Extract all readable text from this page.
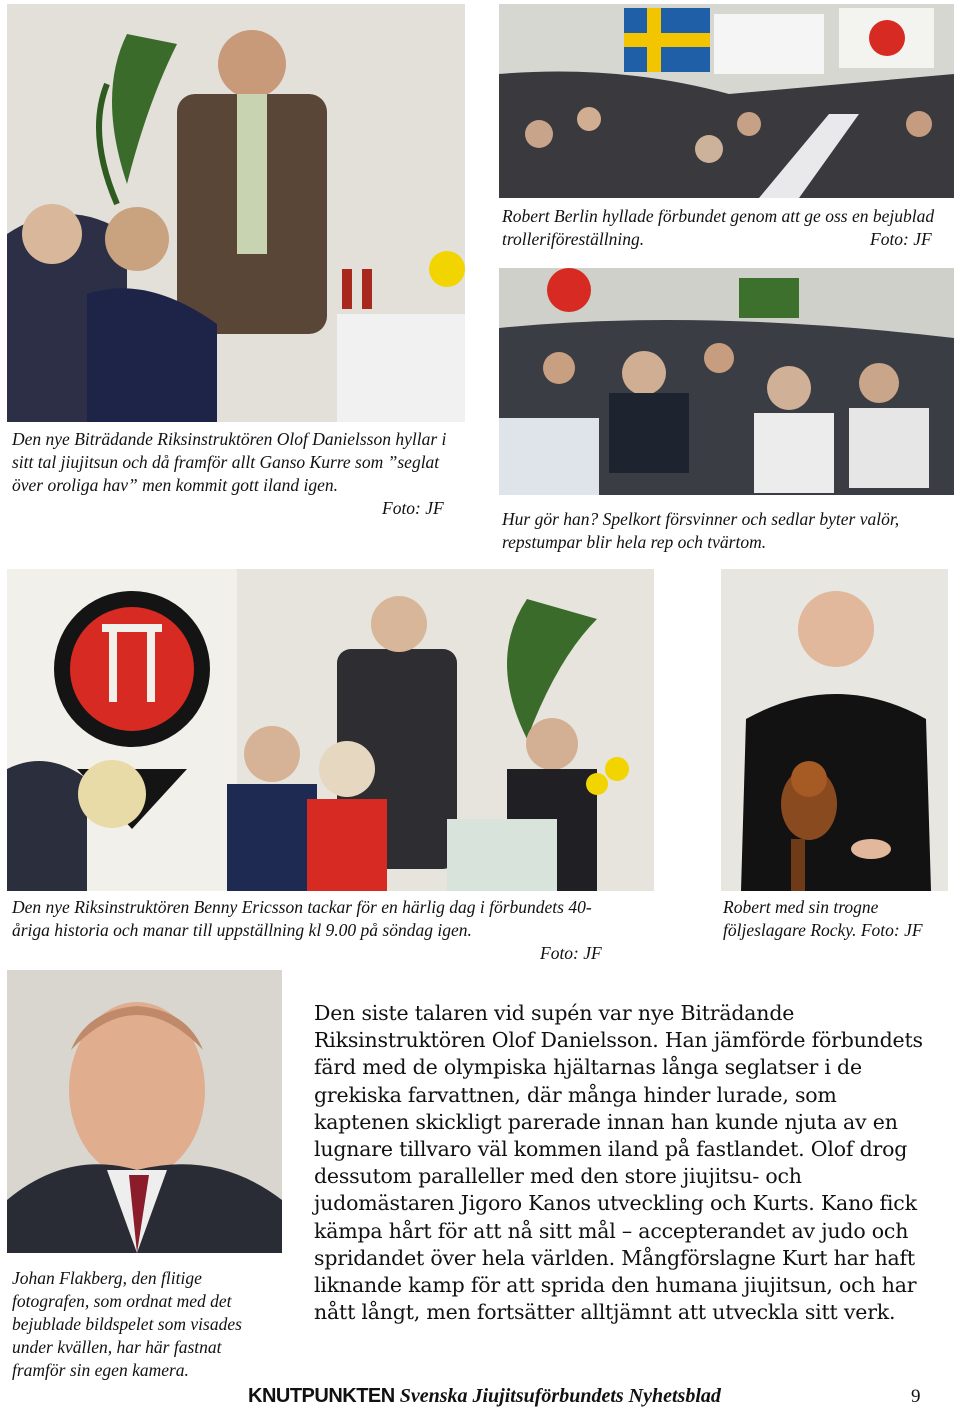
Robert Berlin hyllade förbundet genom att ge oss en bejublad trolleriföreställning.	Foto: JF

Den nye Biträdande Riksinstruktören Olof Danielsson hyllar i sitt tal jiujitsun och då framför allt Ganso Kurre som ”seglat över oroliga hav” men kommit gott iland igen.

Foto: JF

Hur gör han? Spelkort försvinner och sedlar byter valör, repstumpar blir hela rep och tvärtom.

Den nye Riksinstruktören Benny Ericsson tackar för en härlig dag i förbundets 40-åriga historia och manar till uppställning kl 9.00 på söndag igen.

Foto: JF

Robert med sin trogne följeslagare Rocky. Foto: JF

Johan Flakberg, den flitige fotografen, som ordnat med det bejublade bildspelet som visades under kvällen, har här fastnat framför sin egen kamera.

Den siste talaren vid supén var nye Biträdande Riksinstruktören Olof Danielsson. Han jämförde förbundets färd med de olympiska hjältarnas långa seglatser i de grekiska farvattnen, där många hinder lurade, som kaptenen skickligt parerade innan han kunde njuta av en lugnare tillvaro väl kommen iland på fastlandet. Olof drog dessutom paralleller med den store jiujitsu- och judomästaren Jigoro Kanos utveckling och Kurts. Kano fick kämpa hårt för att nå sitt mål – accepterandet av judo och spridandet över hela världen. Mångförslagne Kurt har haft liknande kamp för att sprida den humana jiujitsun, och har nått långt, men fortsätter alltjämnt att utveckla sitt verk.

KNUTPUNKTEN Svenska Jiujitsuförbundets Nyhetsblad	9
